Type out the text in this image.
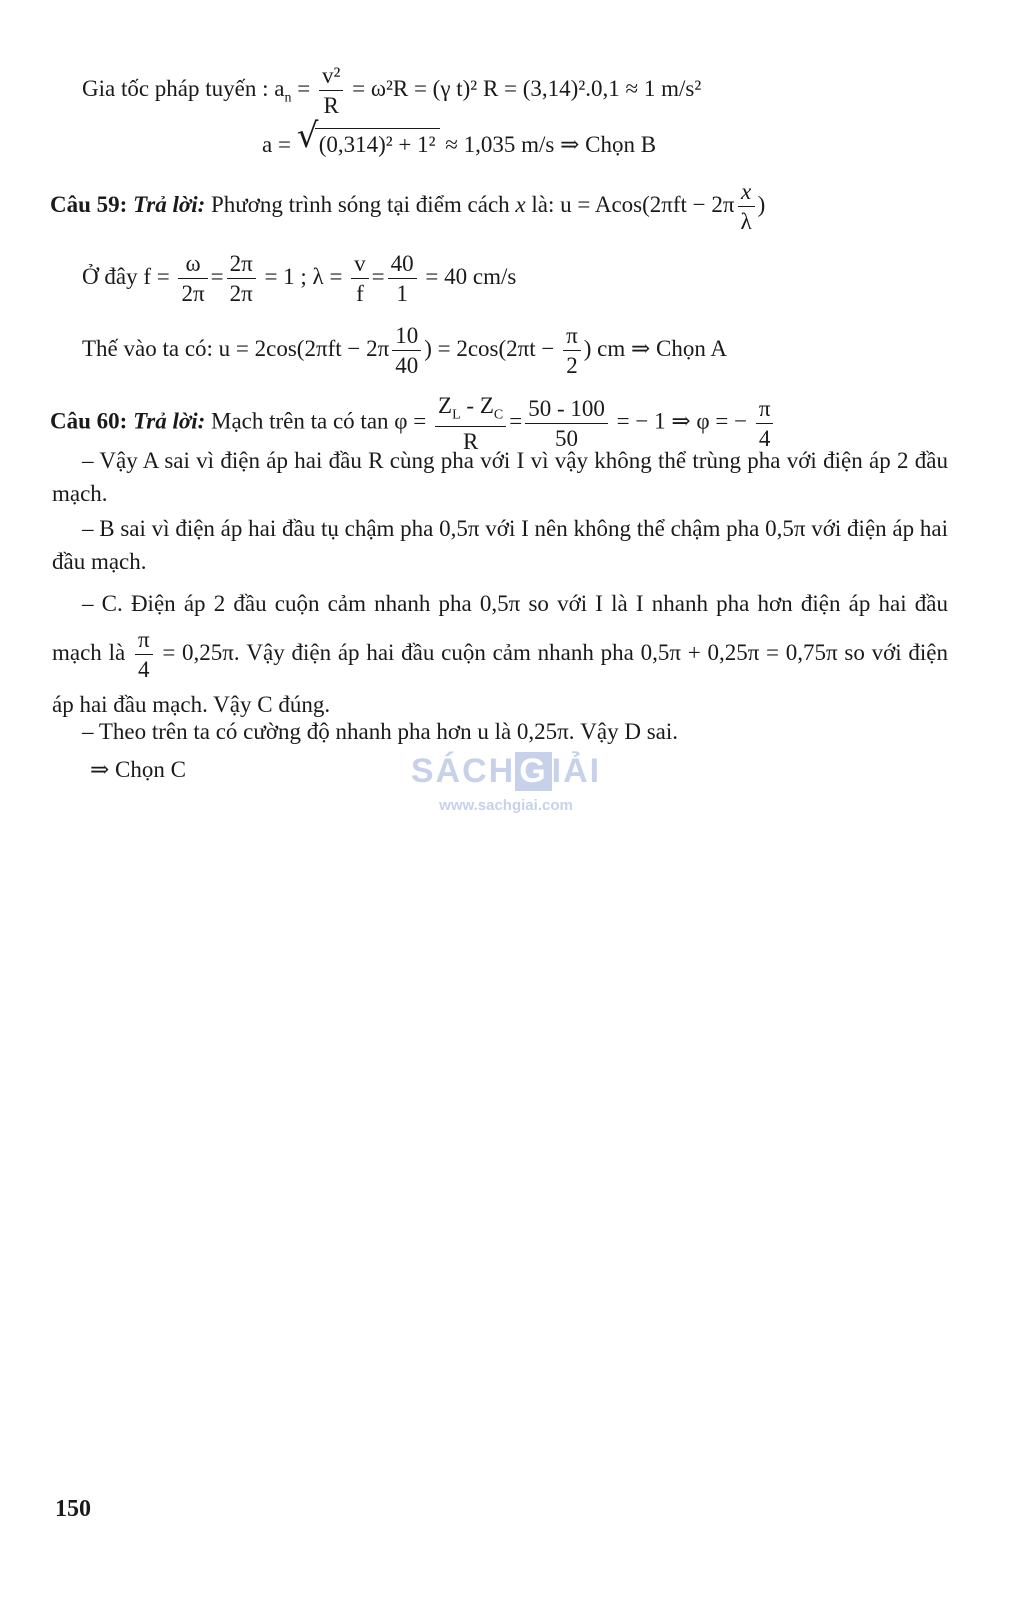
Gia tốc pháp tuyến : $a_n = \frac{\text{v²}}{R} = \omega^2R = (\gamma$ t)² R = (3,14)².0,1 ≈ 1 m/s²
a = √ (0,314)² + 1² ≈ 1,035 m/s ⇒ Chọn B
Câu 59: Trả lời: Phương trình sóng tại điểm cách x là: $u = Acos(2\pi ft - 2\pi \frac{x}{\lambda}$ )
Ở đây $f = \frac{\omega}{2\pi} = \frac{2\pi}{2\pi} = 1$ ; $\lambda = \frac{v}{f} = \frac{40}{1} = 40$ cm/s
Thế vào ta có: $u = 2\cos(2\pi ft - 2\pi \frac{10}{40}$ ) = $2\cos(2\pi t - \frac{\pi}{2}$ ) cm ⇒ Chọn A
Câu 60: Trả lời: Mạch trên ta có $\tan \varphi = \frac{Z_L - Z_C}{R} = \frac{50 - 100}{50}$ = − 1 ⇒ φ = − $\frac{\pi}{4}$
– Vậy A sai vì điện áp hai đầu R cùng pha với I vì vậy không thể trùng pha với điện áp 2 đầu mạch.
– B sai vì điện áp hai đầu tụ chậm pha 0,5π với I nên không thể chậm pha 0,5π với điện áp hai đầu mạch.
– C. Điện áp 2 đầu cuộn cảm nhanh pha 0,5π so với I là I nhanh pha hơn điện áp hai đầu mạch là $\frac{\pi}{4} = 0,25\pi$. Vậy điện áp hai đầu cuộn cảm nhanh pha 0,5π + 0,25π = 0,75π so với điện áp hai đầu mạch. Vậy C đúng.
– Theo trên ta có cường độ nhanh pha hơn u là 0,25π. Vậy D sai.
⇒ Chọn C	SÁCH G IẢI
www.sachgiai.com
150
